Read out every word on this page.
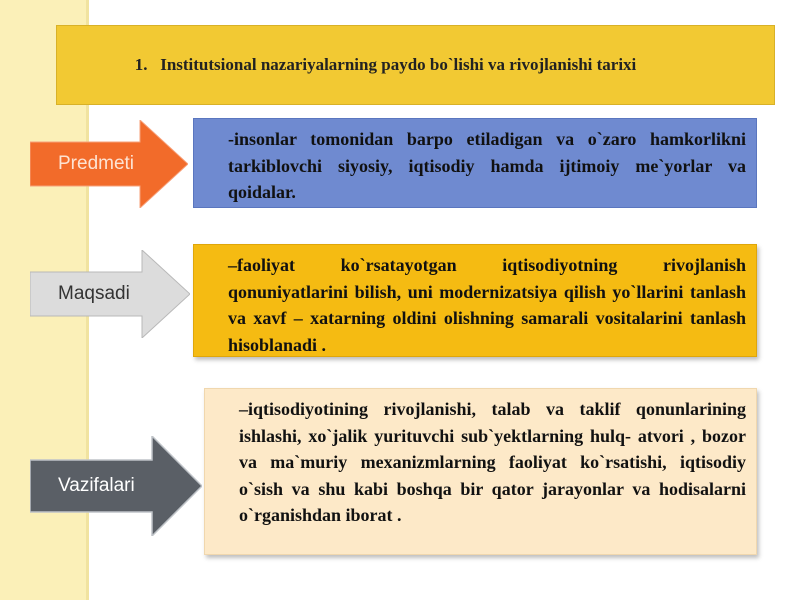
1. Institutsional nazariyalarning paydo bo`lishi va rivojlanishi tarixi
Predmeti
Maqsadi
Vazifalari
-insonlar tomonidan barpo etiladigan va o`zaro hamkorlikni tarkiblovchi siyosiy, iqtisodiy hamda ijtimoiy me`yorlar va qoidalar.
–faoliyat ko`rsatayotgan iqtisodiyotning rivojlanish qonuniyatlarini bilish, uni modernizatsiya qilish yo`llarini tanlash va xavf – xatarning oldini olishning samarali vositalarini tanlash hisoblanadi .
–iqtisodiyotining rivojlanishi, talab va taklif qonunlarining ishlashi, xo`jalik yurituvchi sub`yektlarning hulq- atvori , bozor va ma`muriy mexanizmlarning faoliyat ko`rsatishi, iqtisodiy o`sish va shu kabi boshqa bir qator jarayonlar va hodisalarni o`rganishdan iborat .
